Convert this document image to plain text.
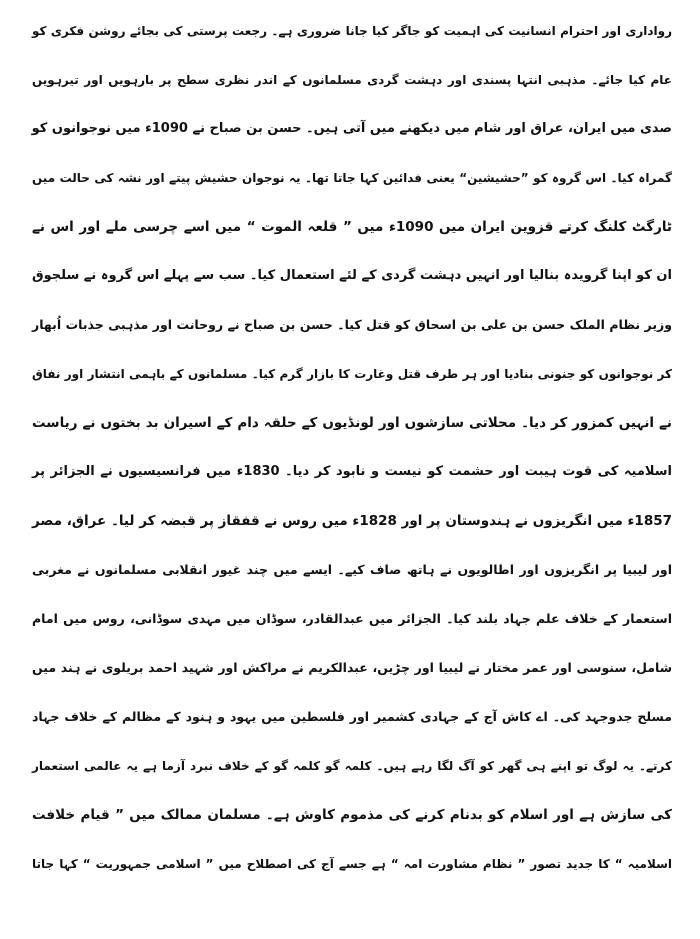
رواداری اور احترام انسانیت کی اہمیت کو جاگر کیا جانا ضروری ہے۔ رجعت پرستی کی بجائے روشن فکری کو
عام کیا جائے۔ مذہبی انتہا پسندی اور دہشت گردی مسلمانوں کے اندر نظری سطح پر بارہویں اور تیرہویں
صدی میں ایران، عراق اور شام میں دیکھنے میں آتی ہیں۔ حسن بن صباح نے 1090ء میں نوجوانوں کو
گمراہ کیا۔ اس گروہ کو ”حشیشین“ یعنی فدائین کہا جاتا تھا۔ یہ نوجوان حشیش پیتے اور نشہ کی حالت میں
ٹارگٹ کلنگ کرتے قزوین ایران میں 1090ء میں ” قلعہ الموت “ میں اسے چرسی ملے اور اس نے
ان کو اپنا گرویدہ بنالیا اور انہیں دہشت گردی کے لئے استعمال کیا۔ سب سے پہلے اس گروہ نے سلجوق
وزیر نظام الملک حسن بن علی بن اسحاق کو قتل کیا۔ حسن بن صباح نے روحانت اور مذہبی جذبات اُبھار
کر نوجوانوں کو جنونی بنادیا اور ہر طرف قتل وغارت کا بازار گرم کیا۔ مسلمانوں کے باہمی انتشار اور نفاق
نے انہیں کمزور کر دیا۔ محلاتی سازشوں اور لونڈیوں کے حلقہ دام کے اسیران بد بختوں نے ریاست
اسلامیہ کی قوت ہیبت اور حشمت کو نیست و نابود کر دیا۔ 1830ء میں فرانسیسیوں نے الجزائر پر
1857ء میں انگریزوں نے ہندوستان پر اور 1828ء میں روس نے قفقاز پر قبضہ کر لیا۔ عراق، مصر
اور لیبیا پر انگریزوں اور اطالویوں نے ہاتھ صاف کیے۔ ایسے میں چند غیور انقلابی مسلمانوں نے مغربی
استعمار کے خلاف علم جہاد بلند کیا۔ الجزائر میں عبدالقادر، سوڈان میں مہدی سوڈانی، روس میں امام
شامل، سنوسی اور عمر مختار نے لیبیا اور چڑیں، عبدالکریم نے مراکش اور شہید احمد بریلوی نے ہند میں
مسلح جدوجہد کی۔ اے کاش آج کے جہادی کشمیر اور فلسطین میں یہود و ہنود کے مظالم کے خلاف جہاد
کرتے۔ یہ لوگ تو اپنے ہی گھر کو آگ لگا رہے ہیں۔ کلمہ گو کلمہ گو کے خلاف نبرد آزما ہے یہ عالمی استعمار
کی سازش ہے اور اسلام کو بدنام کرنے کی مذموم کاوش ہے۔ مسلمان ممالک میں ” قیام خلافت
اسلامیہ “ کا جدید تصور ” نظام مشاورت امہ “ ہے جسے آج کی اصطلاح میں ” اسلامی جمہوریت “ کہا جاتا
